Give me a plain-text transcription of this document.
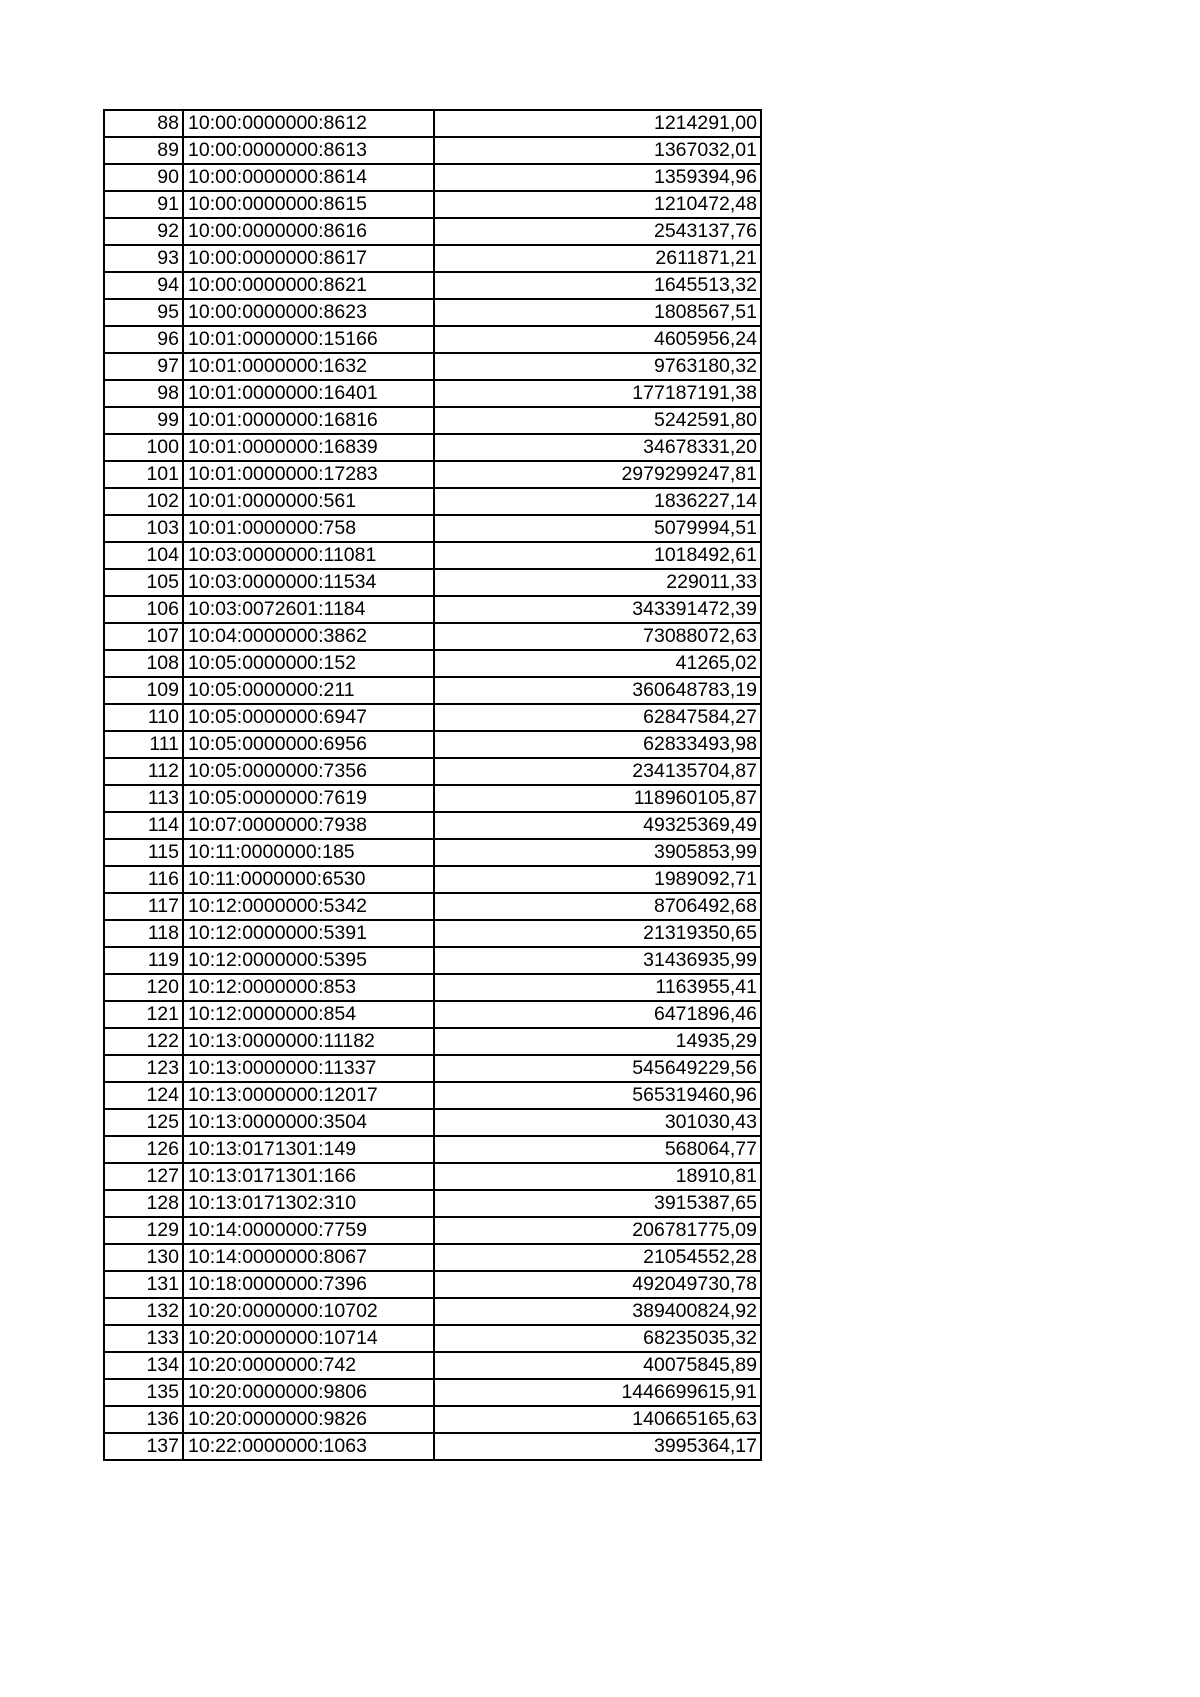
88	10:00:0000000:8612	1214291,00
89	10:00:0000000:8613	1367032,01
90	10:00:0000000:8614	1359394,96
91	10:00:0000000:8615	1210472,48
92	10:00:0000000:8616	2543137,76
93	10:00:0000000:8617	2611871,21
94	10:00:0000000:8621	1645513,32
95	10:00:0000000:8623	1808567,51
96	10:01:0000000:15166	4605956,24
97	10:01:0000000:1632	9763180,32
98	10:01:0000000:16401	177187191,38
99	10:01:0000000:16816	5242591,80
100	10:01:0000000:16839	34678331,20
101	10:01:0000000:17283	2979299247,81
102	10:01:0000000:561	1836227,14
103	10:01:0000000:758	5079994,51
104	10:03:0000000:11081	1018492,61
105	10:03:0000000:11534	229011,33
106	10:03:0072601:1184	343391472,39
107	10:04:0000000:3862	73088072,63
108	10:05:0000000:152	41265,02
109	10:05:0000000:211	360648783,19
110	10:05:0000000:6947	62847584,27
111	10:05:0000000:6956	62833493,98
112	10:05:0000000:7356	234135704,87
113	10:05:0000000:7619	118960105,87
114	10:07:0000000:7938	49325369,49
115	10:11:0000000:185	3905853,99
116	10:11:0000000:6530	1989092,71
117	10:12:0000000:5342	8706492,68
118	10:12:0000000:5391	21319350,65
119	10:12:0000000:5395	31436935,99
120	10:12:0000000:853	1163955,41
121	10:12:0000000:854	6471896,46
122	10:13:0000000:11182	14935,29
123	10:13:0000000:11337	545649229,56
124	10:13:0000000:12017	565319460,96
125	10:13:0000000:3504	301030,43
126	10:13:0171301:149	568064,77
127	10:13:0171301:166	18910,81
128	10:13:0171302:310	3915387,65
129	10:14:0000000:7759	206781775,09
130	10:14:0000000:8067	21054552,28
131	10:18:0000000:7396	492049730,78
132	10:20:0000000:10702	389400824,92
133	10:20:0000000:10714	68235035,32
134	10:20:0000000:742	40075845,89
135	10:20:0000000:9806	1446699615,91
136	10:20:0000000:9826	140665165,63
137	10:22:0000000:1063	3995364,17
